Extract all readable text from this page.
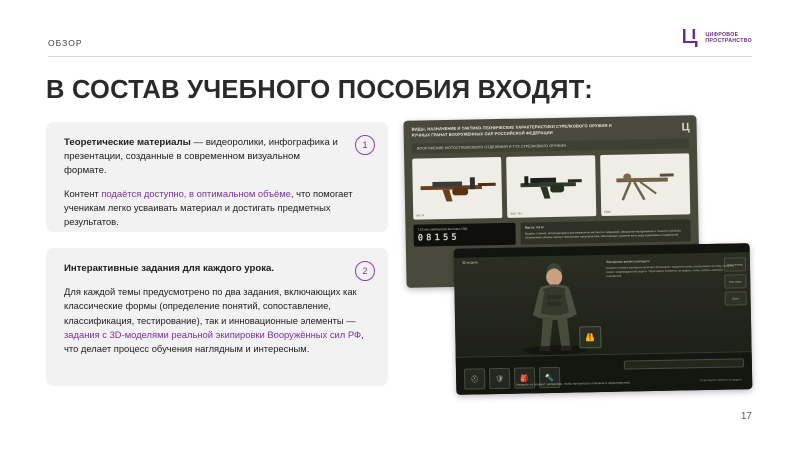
ОБЗОР
ЦИФРОВОЕ
ПРОСТРАНСТВО
В СОСТАВ УЧЕБНОГО ПОСОБИЯ ВХОДЯТ:
1
Теоретические материалы — видеоролики, инфографика и презентации, созданные в современном визуальном формате.

Контент подаётся доступно, в оптимальном объёме, что помогает ученикам легко усваивать материал и достигать предметных результатов.

2
Интерактивные задания для каждого урока.

Для каждой темы предусмотрено по два задания, включающих как классические формы (определение понятий, сопоставление, классификация, тестирование), так и инновационные элементы — задания с 3D-моделями реальной экипировки Вооружённых сил РФ, что делает процесс обучения наглядным и интересным.

Ц
ВИДЫ, НАЗНАЧЕНИЕ И ТАКТИКО-ТЕХНИЧЕСКИЕ ХАРАКТЕРИСТИКИ СТРЕЛКОВОГО ОРУЖИЯ И РУЧНЫХ ГРАНАТ ВООРУЖЁННЫХ СИЛ РОССИЙСКОЙ ФЕДЕРАЦИИ
ВООРУЖЕНИЕ МОТОСТРЕЛКОВОГО ОТДЕЛЕНИЯ И ТТХ СТРЕЛКОВОГО ОРУЖИЯ
АК-74	АКС-74У	ПКМ
7,62-мм снайперская винтовка СВД
08155
Масса: 4,3 кг
Модель, отличие: использующаяся для развития по местности соединений, маршрутов передвижения и точности стрельбы. Обозначения указаны тактико-технические характеристики, облегчающие усвоение этого ряда нормативов и показателей.
3D-модель	Вид спереди
Вид сзади
Сброс
Экипировка военнослужащего
Комплект боевой экипировки включает бронежилет, защитный шлем, разгрузочную систему, средства связи и индивидуальной защиты. Перетащите элементы на модель, чтобы собрать комплект снаряжения.
🦺
⛑	🛡	🎒	🔦
Нажмите на элемент экипировки, чтобы просмотреть описание и характеристики.
Перетащите элемент на модель
17
